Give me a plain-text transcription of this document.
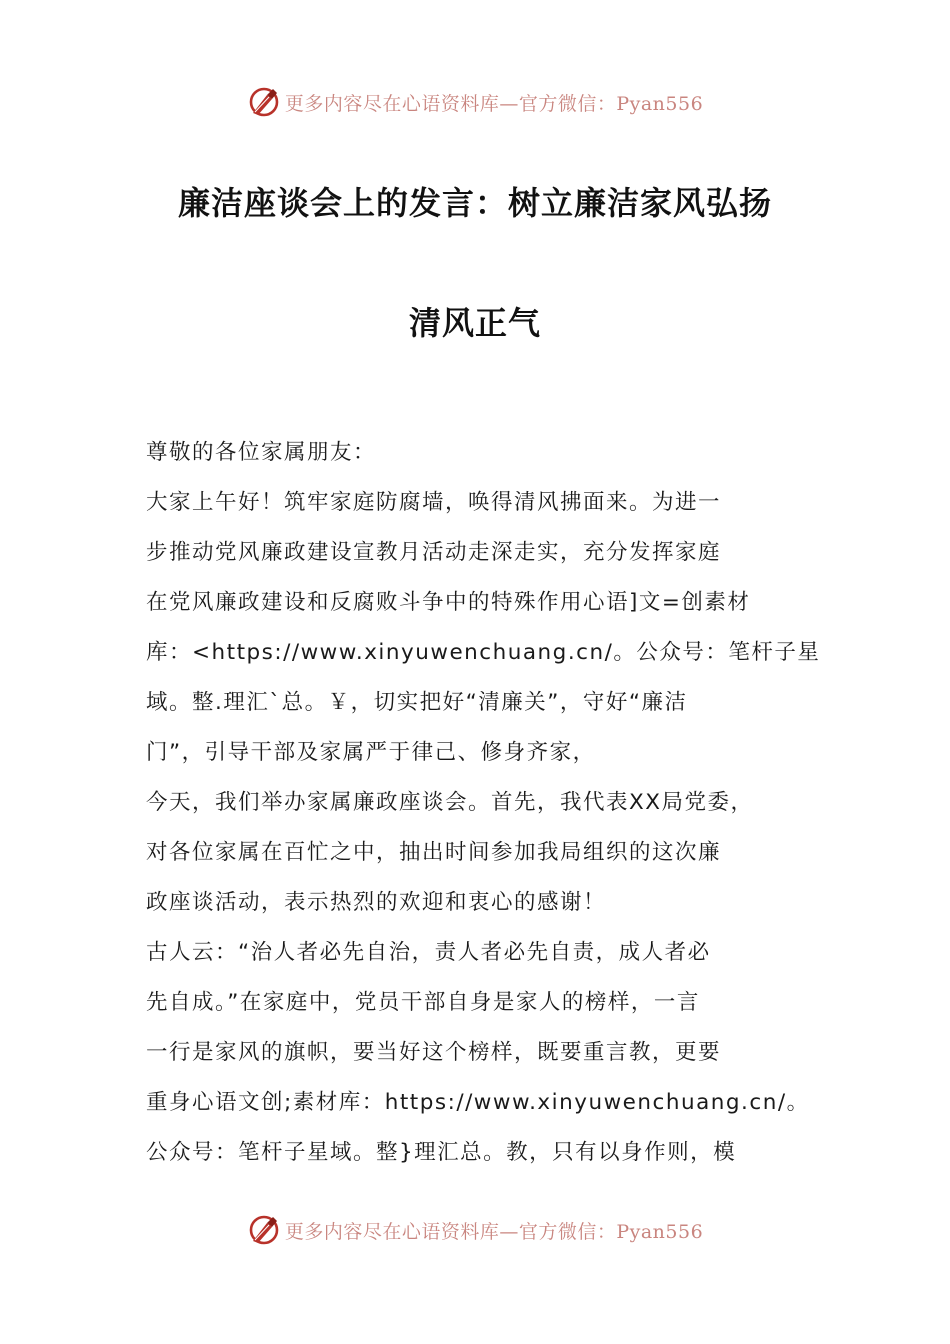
更多内容尽在心语资料库—官方微信：Pyan556
廉洁座谈会上的发言：树立廉洁家风弘扬
清风正气
尊敬的各位家属朋友：
大家上午好！筑牢家庭防腐墙，唤得清风拂面来。为进一
步推动党风廉政建设宣教月活动走深走实，充分发挥家庭
在党风廉政建设和反腐败斗争中的特殊作用心语]文=创素材
库：<https://www.xinyuwenchuang.cn/。公众号：笔杆子星
域。整.理汇`总。￥，切实把好“清廉关”，守好“廉洁
门”，引导干部及家属严于律己、修身齐家，
今天，我们举办家属廉政座谈会。首先，我代表XX局党委，
对各位家属在百忙之中，抽出时间参加我局组织的这次廉
政座谈活动，表示热烈的欢迎和衷心的感谢！
古人云：“治人者必先自治，责人者必先自责，成人者必
先自成。”在家庭中，党员干部自身是家人的榜样，一言
一行是家风的旗帜，要当好这个榜样，既要重言教，更要
重身心语文创;素材库：https://www.xinyuwenchuang.cn/。
公众号：笔杆子星域。整}理汇总。教，只有以身作则，模
更多内容尽在心语资料库—官方微信：Pyan556
